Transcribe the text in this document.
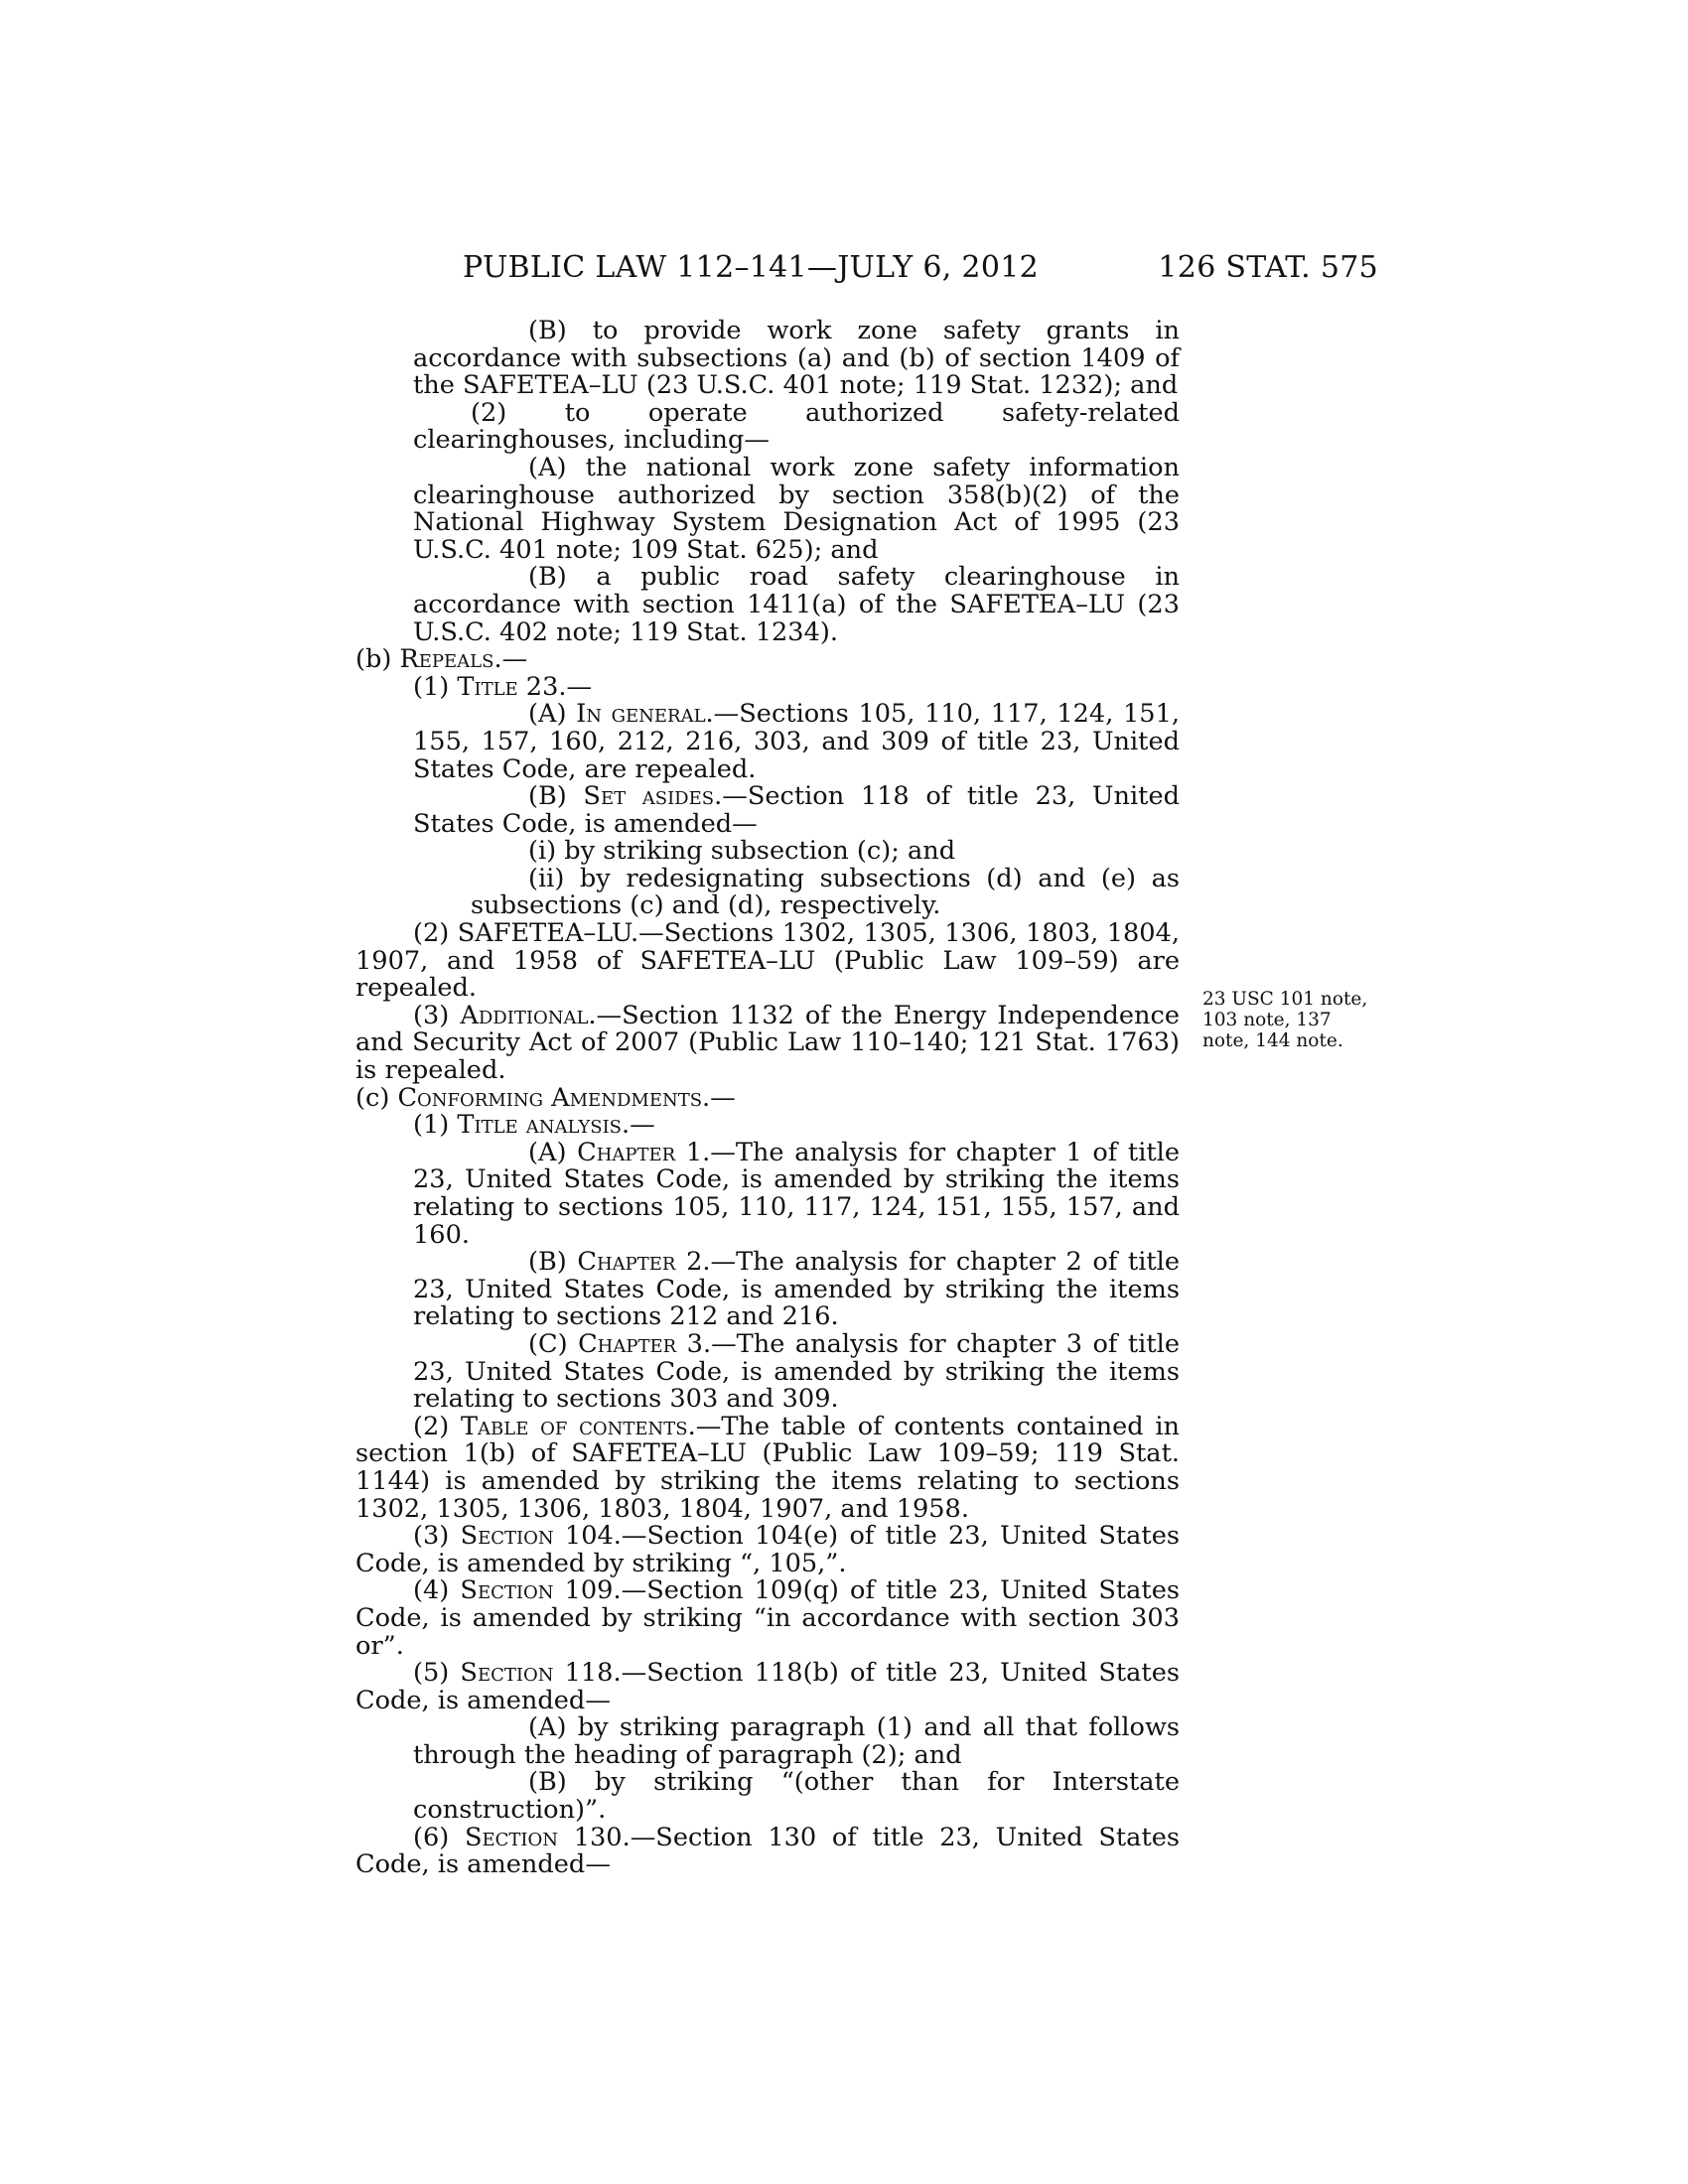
PUBLIC LAW 112–141—JULY 6, 2012	126 STAT. 575

(B) to provide work zone safety grants in accordance with subsections (a) and (b) of section 1409 of the SAFETEA–LU (23 U.S.C. 401 note; 119 Stat. 1232); and

(2) to operate authorized safety-related clearinghouses, including—

(A) the national work zone safety information clearinghouse authorized by section 358(b)(2) of the National Highway System Designation Act of 1995 (23 U.S.C. 401 note; 109 Stat. 625); and

(B) a public road safety clearinghouse in accordance with section 1411(a) of the SAFETEA–LU (23 U.S.C. 402 note; 119 Stat. 1234).

(b) Repeals.—

(1) Title 23.—

(A) In general.—Sections 105, 110, 117, 124, 151, 155, 157, 160, 212, 216, 303, and 309 of title 23, United States Code, are repealed.

(B) Set asides.—Section 118 of title 23, United States Code, is amended—

(i) by striking subsection (c); and

(ii) by redesignating subsections (d) and (e) as subsections (c) and (d), respectively.

(2) SAFETEA–LU.—Sections 1302, 1305, 1306, 1803, 1804, 1907, and 1958 of SAFETEA–LU (Public Law 109–59) are repealed.

(3) Additional.—Section 1132 of the Energy Independence and Security Act of 2007 (Public Law 110–140; 121 Stat. 1763) is repealed.

(c) Conforming Amendments.—

(1) Title analysis.—

(A) Chapter 1.—The analysis for chapter 1 of title 23, United States Code, is amended by striking the items relating to sections 105, 110, 117, 124, 151, 155, 157, and 160.

(B) Chapter 2.—The analysis for chapter 2 of title 23, United States Code, is amended by striking the items relating to sections 212 and 216.

(C) Chapter 3.—The analysis for chapter 3 of title 23, United States Code, is amended by striking the items relating to sections 303 and 309.

(2) Table of contents.—The table of contents contained in section 1(b) of SAFETEA–LU (Public Law 109–59; 119 Stat. 1144) is amended by striking the items relating to sections 1302, 1305, 1306, 1803, 1804, 1907, and 1958.

(3) Section 104.—Section 104(e) of title 23, United States Code, is amended by striking “, 105,”.

(4) Section 109.—Section 109(q) of title 23, United States Code, is amended by striking “in accordance with section 303 or”.

(5) Section 118.—Section 118(b) of title 23, United States Code, is amended—

(A) by striking paragraph (1) and all that follows through the heading of paragraph (2); and

(B) by striking “(other than for Interstate construction)”.

(6) Section 130.—Section 130 of title 23, United States Code, is amended—

23 USC 101 note,
103 note, 137
note, 144 note.
